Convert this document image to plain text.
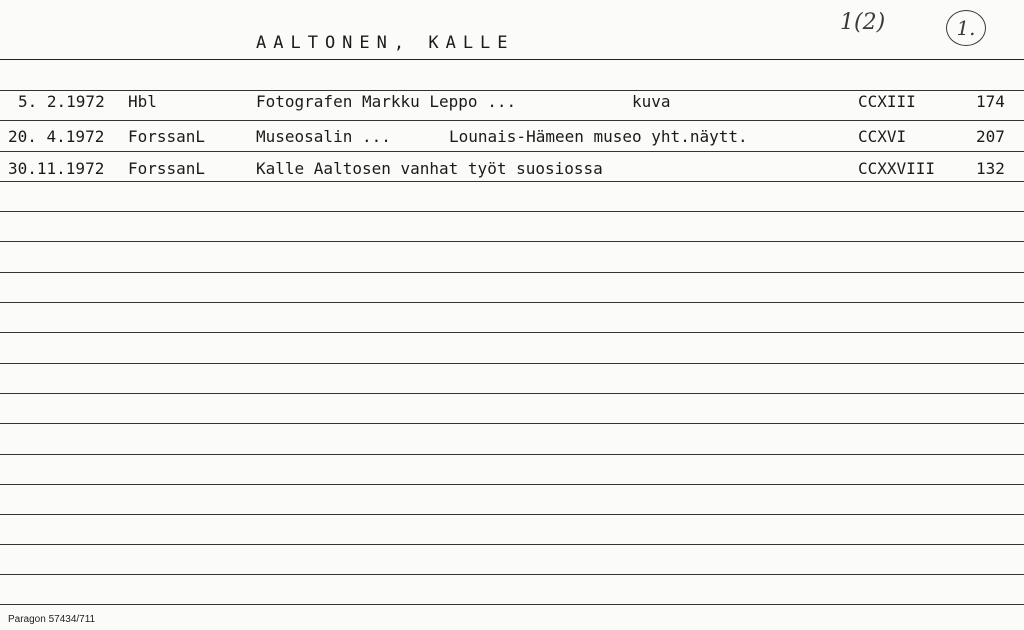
AALTONEN, KALLE
1(2)	1.
5. 2.1972 Hbl	Fotografen Markku Leppo ...	kuva	CCXIII	174
20. 4.1972 ForssanL	Museosalin ...	Lounais-Hämeen museo yht.näytt.	CCXVI	207
30.11.1972 ForssanL	Kalle Aaltosen vanhat työt suosiossa	CCXXVIII	132
Paragon 57434/711
